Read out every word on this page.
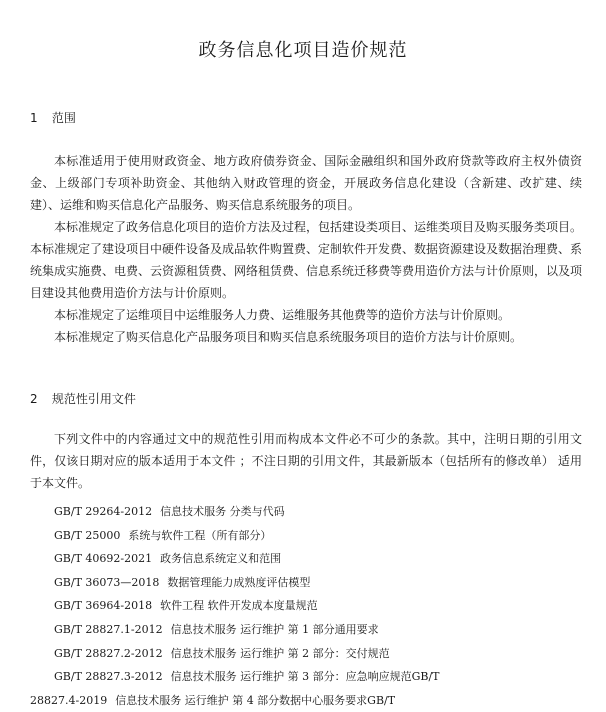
政务信息化项目造价规范
1 范围

本标准适用于使用财政资金、地方政府债券资金、国际金融组织和国外政府贷款等政府主权外债资金、上级部门专项补助资金、其他纳入财政管理的资金，开展政务信息化建设（含新建、改扩建、续建）、运维和购买信息化产品服务、购买信息系统服务的项目。

本标准规定了政务信息化项目的造价方法及过程，包括建设类项目、运维类项目及购买服务类项目。本标准规定了建设项目中硬件设备及成品软件购置费、定制软件开发费、数据资源建设及数据治理费、系统集成实施费、电费、云资源租赁费、网络租赁费、信息系统迁移费等费用造价方法与计价原则，以及项目建设其他费用造价方法与计价原则。

本标准规定了运维项目中运维服务人力费、运维服务其他费等的造价方法与计价原则。

本标准规定了购买信息化产品服务项目和购买信息系统服务项目的造价方法与计价原则。

2 规范性引用文件

下列文件中的内容通过文中的规范性引用而构成本文件必不可少的条款。其中，注明日期的引用文件，仅该日期对应的版本适用于本文件 ；不注日期的引用文件，其最新版本（包括所有的修改单） 适用于本文件。

GB/T 29264-2012 信息技术服务 分类与代码
GB/T 25000 系统与软件工程（所有部分）
GB/T 40692-2021 政务信息系统定义和范围
GB/T 36073—2018 数据管理能力成熟度评估模型
GB/T 36964-2018 软件工程 软件开发成本度量规范
GB/T 28827.1-2012 信息技术服务 运行维护 第 1 部分通用要求
GB/T 28827.2-2012 信息技术服务 运行维护 第 2 部分：交付规范
GB/T 28827.3-2012 信息技术服务 运行维护 第 3 部分：应急响应规范GB/T
28827.4-2019 信息技术服务 运行维护 第 4 部分数据中心服务要求GB/T
